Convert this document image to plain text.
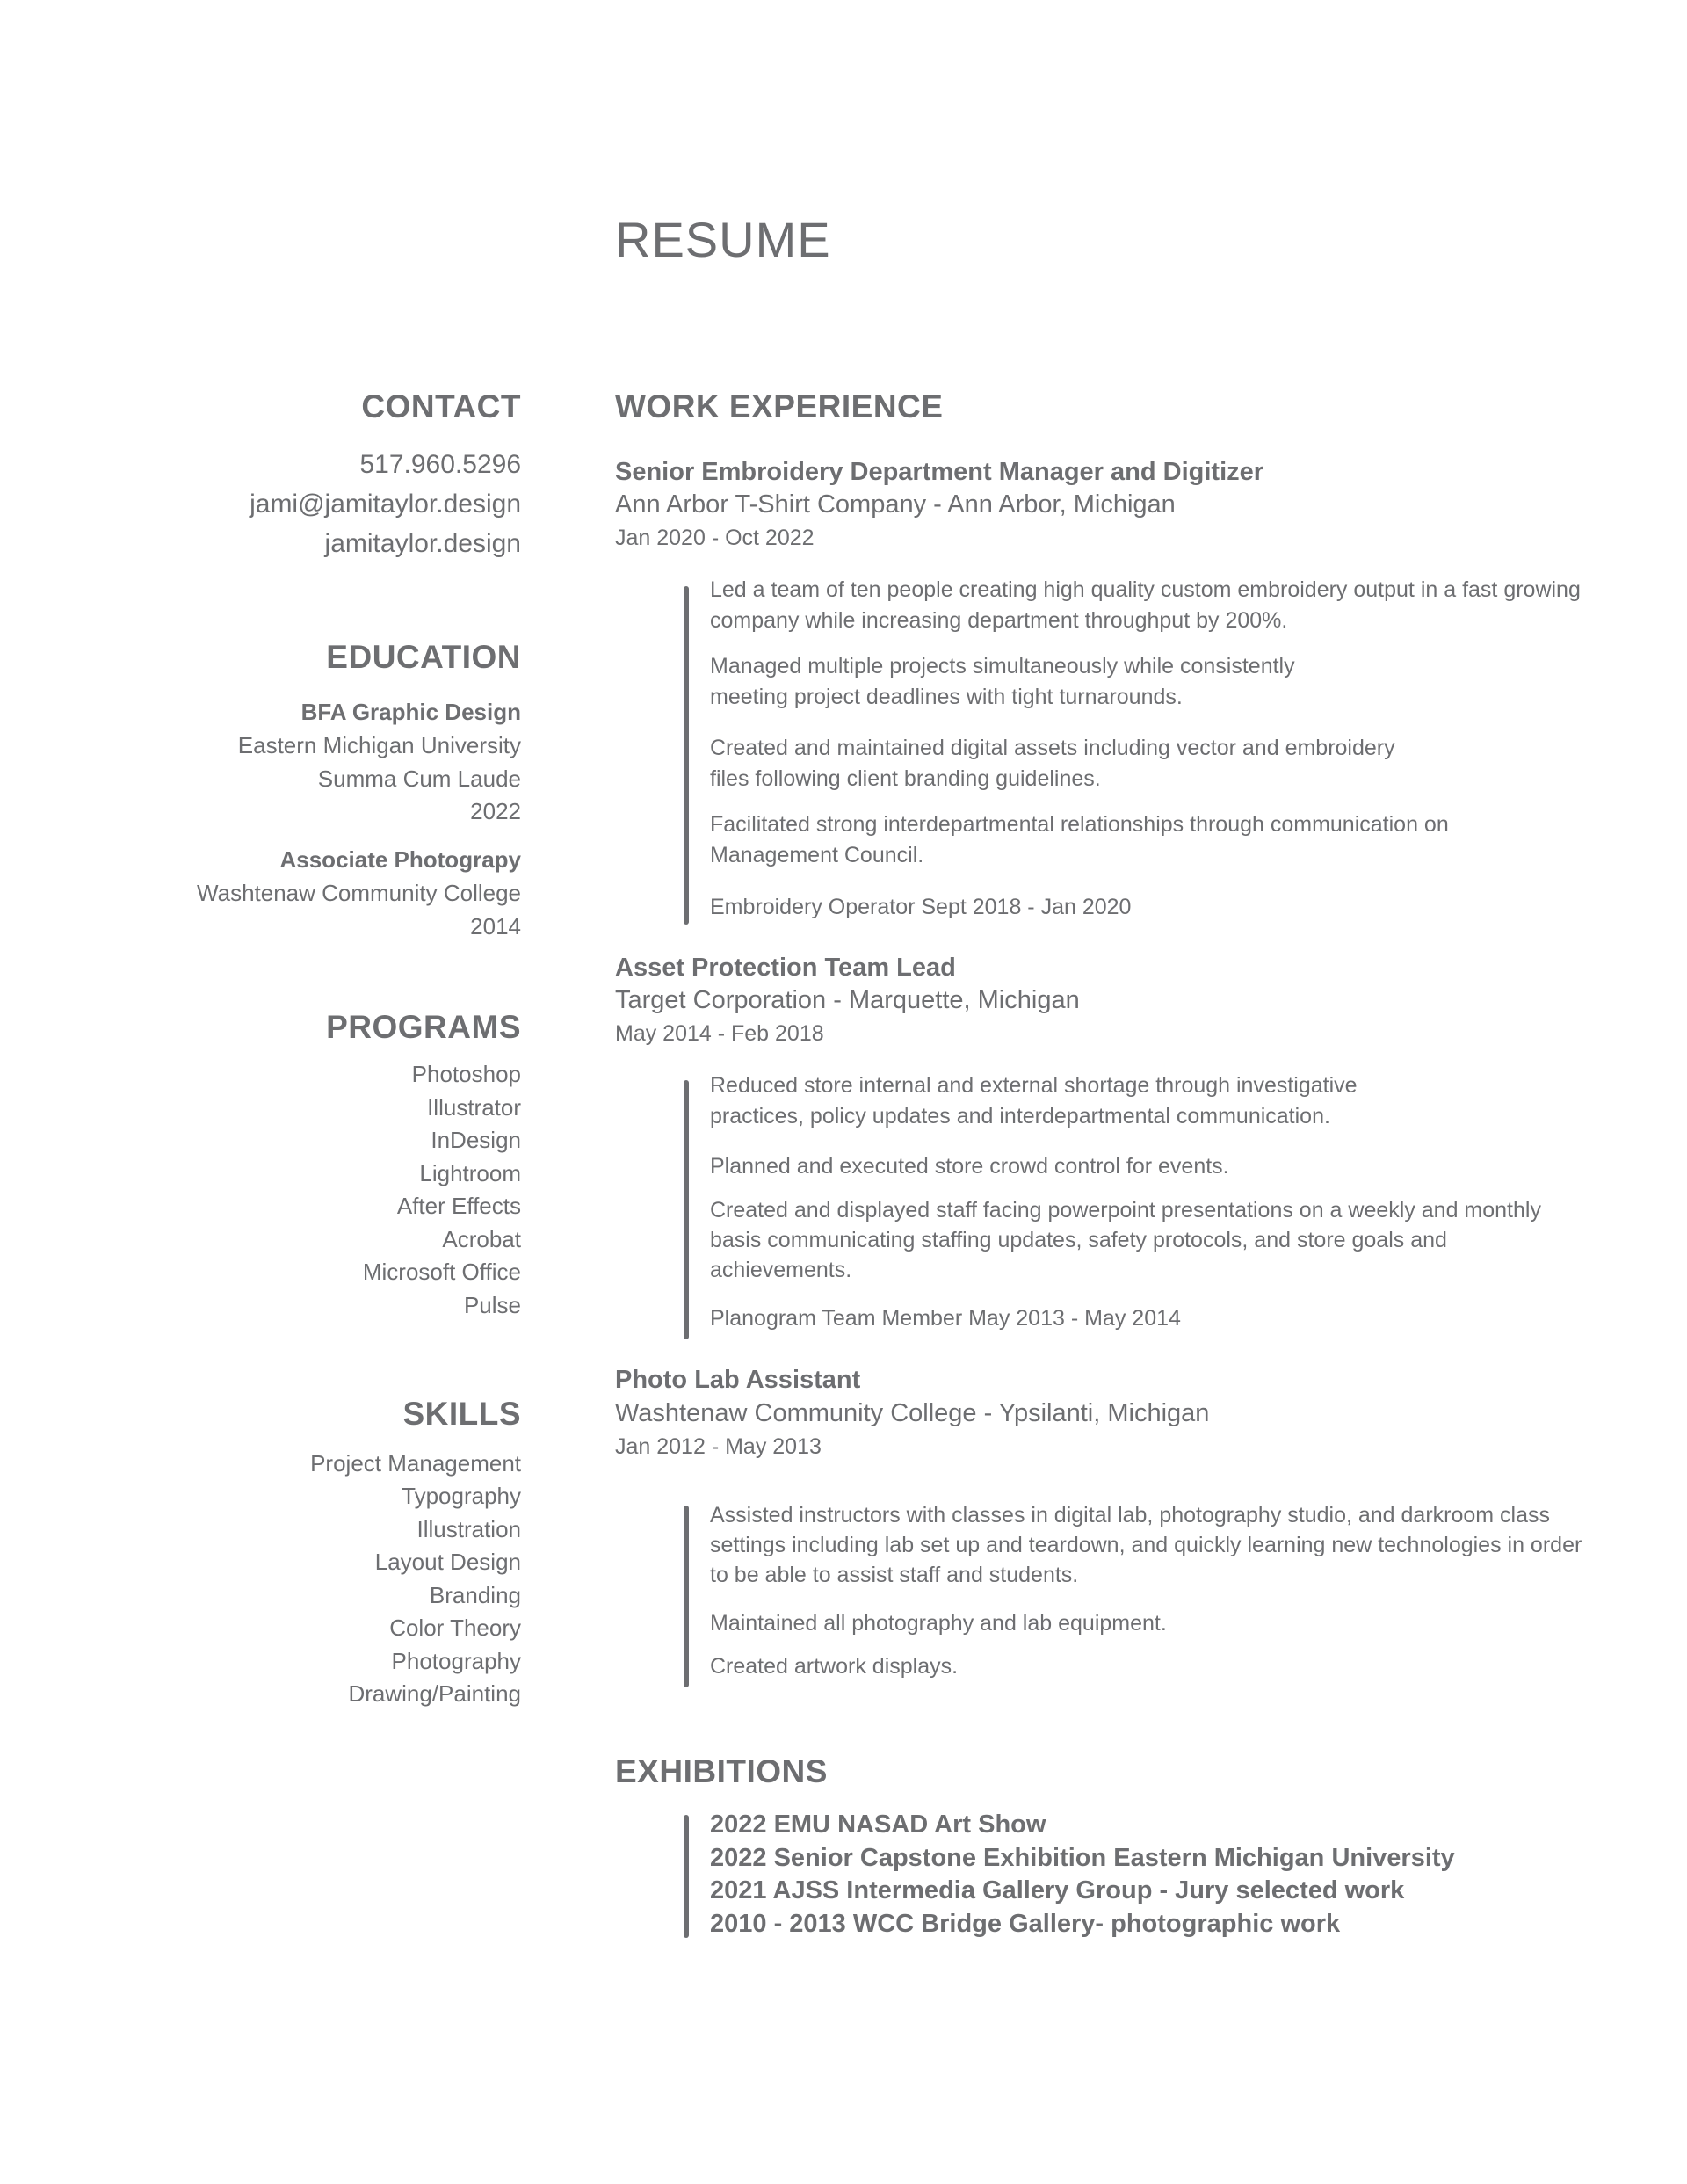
RESUME
CONTACT
517.960.5296
jami@jamitaylor.design
jamitaylor.design
EDUCATION
BFA Graphic Design
Eastern Michigan University
Summa Cum Laude
2022
Associate Photograpy
Washtenaw Community College
2014
PROGRAMS
Photoshop
Illustrator
InDesign
Lightroom
After Effects
Acrobat
Microsoft Office
Pulse
SKILLS
Project Management
Typography
Illustration
Layout Design
Branding
Color Theory
Photography
Drawing/Painting
WORK EXPERIENCE
Senior Embroidery Department Manager and Digitizer
Ann Arbor T-Shirt Company - Ann Arbor, Michigan
Jan 2020 - Oct 2022
Led a team of ten people creating high quality custom embroidery output in a fast growing company while increasing department throughput by 200%.
Managed multiple projects simultaneously while consistently meeting project deadlines with tight turnarounds.
Created and maintained digital assets including vector and embroidery files following client branding guidelines.
Facilitated strong interdepartmental relationships through communication on Management Council.
Embroidery Operator Sept 2018 - Jan 2020
Asset Protection Team Lead
Target Corporation - Marquette, Michigan
May 2014 - Feb 2018
Reduced store internal and external shortage through investigative practices, policy updates and interdepartmental communication.
Planned and executed store crowd control for events.
Created and displayed staff facing powerpoint presentations on a weekly and monthly basis communicating staffing updates, safety protocols, and store goals and achievements.
Planogram Team Member May 2013 - May 2014
Photo Lab Assistant
Washtenaw Community College - Ypsilanti, Michigan
Jan 2012 - May 2013
Assisted instructors with classes in digital lab, photography studio, and darkroom class settings including lab set up and teardown, and quickly learning new technologies in order to be able to assist staff and students.
Maintained all photography and lab equipment.
Created artwork displays.
EXHIBITIONS
2022 EMU NASAD Art Show
2022 Senior Capstone Exhibition Eastern Michigan University
2021 AJSS Intermedia Gallery Group - Jury selected work
2010 - 2013 WCC Bridge Gallery- photographic work
